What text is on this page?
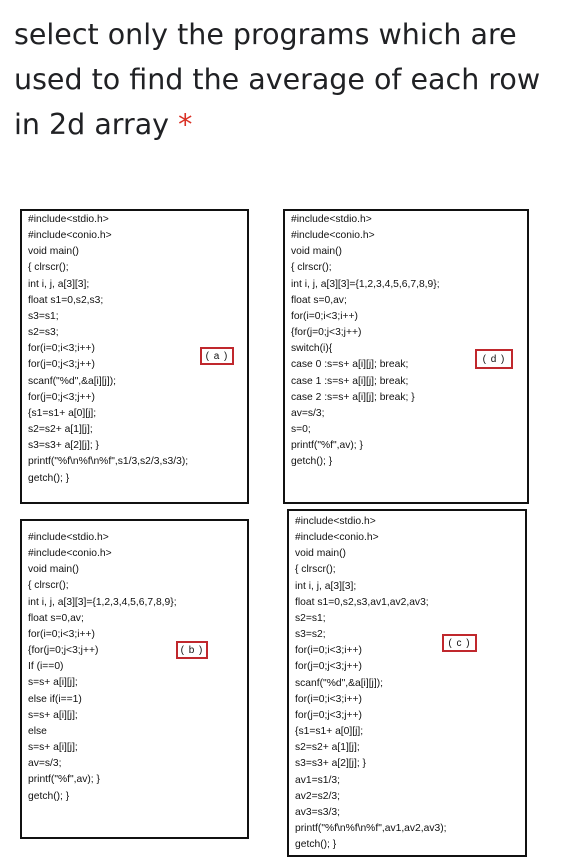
select only the programs which are
used to find the average of each row
in 2d array *
#include<stdio.h>
#include<conio.h>
void main()
{ clrscr();
int i, j, a[3][3];
float s1=0,s2,s3;
s3=s1;
s2=s3;
for(i=0;i<3;i++)
for(j=0;j<3;j++)
scanf("%d",&a[i][j]);
for(j=0;j<3;j++)
{s1=s1+ a[0][j];
s2=s2+ a[1][j];
s3=s3+ a[2][j]; }
printf("%f\n%f\n%f",s1/3,s2/3,s3/3);
getch(); }
( a )
#include<stdio.h>
#include<conio.h>
void main()
{ clrscr();
int i, j, a[3][3]={1,2,3,4,5,6,7,8,9};
float s=0,av;
for(i=0;i<3;i++)
{for(j=0;j<3;j++)
switch(i){
case 0 :s=s+ a[i][j]; break;
case 1 :s=s+ a[i][j]; break;
case 2 :s=s+ a[i][j]; break; }
av=s/3;
s=0;
printf("%f",av); }
getch(); }
( d )
#include<stdio.h>
#include<conio.h>
void main()
{ clrscr();
int i, j, a[3][3]={1,2,3,4,5,6,7,8,9};
float s=0,av;
for(i=0;i<3;i++)
{for(j=0;j<3;j++)
If (i==0)
s=s+ a[i][j];
else if(i==1)
s=s+ a[i][j];
else
s=s+ a[i][j];
av=s/3;
printf("%f",av); }
getch(); }
( b )
#include<stdio.h>
#include<conio.h>
void main()
{ clrscr();
int i, j, a[3][3];
float s1=0,s2,s3,av1,av2,av3;
s2=s1;
s3=s2;
for(i=0;i<3;i++)
for(j=0;j<3;j++)
scanf("%d",&a[i][j]);
for(i=0;i<3;i++)
for(j=0;j<3;j++)
{s1=s1+ a[0][j];
s2=s2+ a[1][j];
s3=s3+ a[2][j]; }
av1=s1/3;
av2=s2/3;
av3=s3/3;
printf("%f\n%f\n%f",av1,av2,av3);
getch(); }
( c )
